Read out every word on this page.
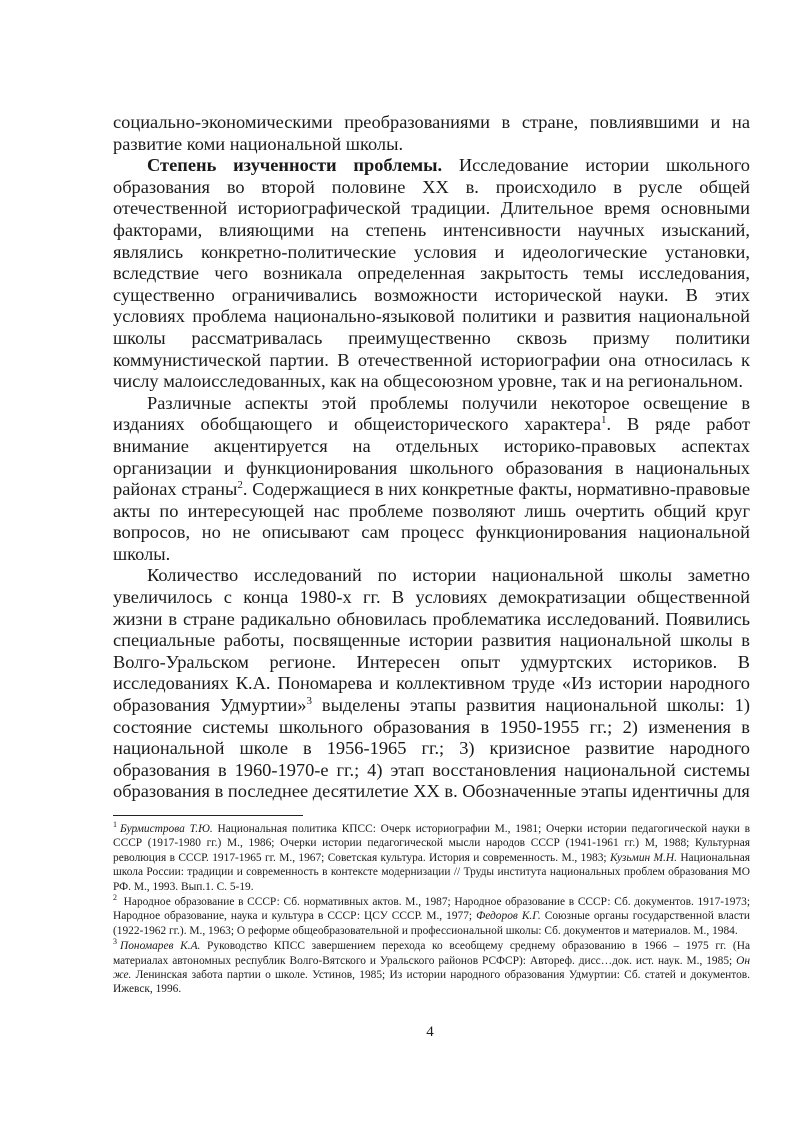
социально-экономическими преобразованиями в стране, повлиявшими и на развитие коми национальной школы.

Степень изученности проблемы. Исследование истории школьного образования во второй половине XX в. происходило в русле общей отечественной историографической традиции. Длительное время основными факторами, влияющими на степень интенсивности научных изысканий, являлись конкретно-политические условия и идеологические установки, вследствие чего возникала определенная закрытость темы исследования, существенно ограничивались возможности исторической науки. В этих условиях проблема национально-языковой политики и развития национальной школы рассматривалась преимущественно сквозь призму политики коммунистической партии. В отечественной историографии она относилась к числу малоисследованных, как на общесоюзном уровне, так и на региональном.

Различные аспекты этой проблемы получили некоторое освещение в изданиях обобщающего и общеисторического характера$^1$. В ряде работ внимание акцентируется на отдельных историко-правовых аспектах организации и функционирования школьного образования в национальных районах страны$^2$. Содержащиеся в них конкретные факты, нормативно-правовые акты по интересующей нас проблеме позволяют лишь очертить общий круг вопросов, но не описывают сам процесс функционирования национальной школы.

Количество исследований по истории национальной школы заметно увеличилось с конца 1980-х гг. В условиях демократизации общественной жизни в стране радикально обновилась проблематика исследований. Появились специальные работы, посвященные истории развития национальной школы в Волго-Уральском регионе. Интересен опыт удмуртских историков. В исследованиях К.А. Пономарева и коллективном труде «Из истории народного образования Удмуртии»$^3$ выделены этапы развития национальной школы: 1) состояние системы школьного образования в 1950-1955 гг.; 2) изменения в национальной школе в 1956-1965 гг.; 3) кризисное развитие народного образования в 1960-1970-е гг.; 4) этап восстановления национальной системы образования в последнее десятилетие XX в. Обозначенные этапы идентичны для

$^1$ Бурмистрова Т.Ю. Национальная политика КПСС: Очерк историографии М., 1981; Очерки истории педагогической науки в СССР (1917-1980 гг.) М., 1986; Очерки истории педагогической мысли народов СССР (1941-1961 гг.) М, 1988; Культурная революция в СССР. 1917-1965 гг. М., 1967; Советская культура. История и современность. М., 1983; Кузьмин М.Н. Национальная школа России: традиции и современность в контексте модернизации // Труды института национальных проблем образования МО РФ. М., 1993. Вып.1. С. 5-19.

$^2$ Народное образование в СССР: Сб. нормативных актов. М., 1987; Народное образование в СССР: Сб. документов. 1917-1973; Народное образование, наука и культура в СССР: ЦСУ СССР. М., 1977; Федоров К.Г. Союзные органы государственной власти (1922-1962 гг.). М., 1963; О реформе общеобразовательной и профессиональной школы: Сб. документов и материалов. М., 1984.

$^3$ Пономарев К.А. Руководство КПСС завершением перехода ко всеобщему среднему образованию в 1966 – 1975 гг. (На материалах автономных республик Волго-Вятского и Уральского районов РСФСР): Автореф. дисс…док. ист. наук. М., 1985; Он же. Ленинская забота партии о школе. Устинов, 1985; Из истории народного образования Удмуртии: Сб. статей и документов. Ижевск, 1996.

4
